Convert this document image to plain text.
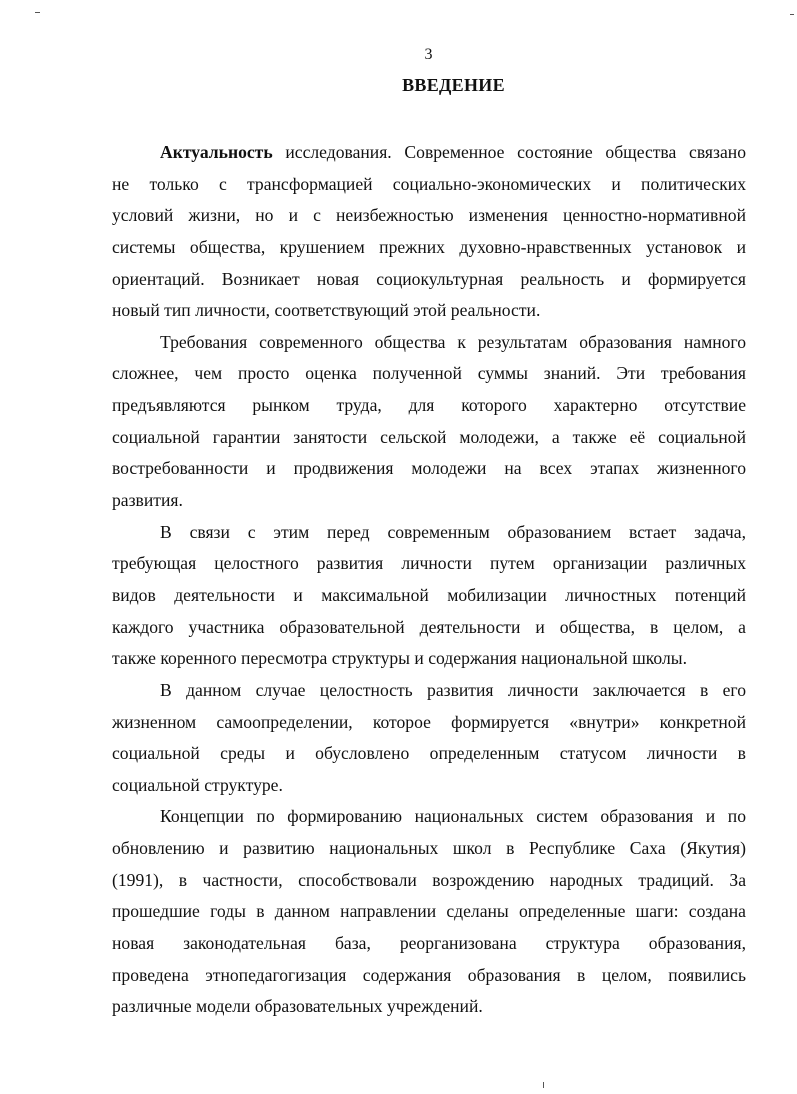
3
ВВЕДЕНИЕ
Актуальность исследования. Современное состояние общества связано
не только с трансформацией социально-экономических и политических
условий жизни, но и с неизбежностью изменения ценностно-нормативной
системы общества, крушением прежних духовно-нравственных установок и
ориентаций. Возникает новая социокультурная реальность и формируется
новый тип личности, соответствующий этой реальности.
Требования современного общества к результатам образования намного
сложнее, чем просто оценка полученной суммы знаний. Эти требования
предъявляются рынком труда, для которого характерно отсутствие
социальной гарантии занятости сельской молодежи, а также её социальной
востребованности и продвижения молодежи на всех этапах жизненного
развития.
В связи с этим перед современным образованием встает задача,
требующая целостного развития личности путем организации различных
видов деятельности и максимальной мобилизации личностных потенций
каждого участника образовательной деятельности и общества, в целом, а
также коренного пересмотра структуры и содержания национальной школы.
В данном случае целостность развития личности заключается в его
жизненном самоопределении, которое формируется «внутри» конкретной
социальной среды и обусловлено определенным статусом личности в
социальной структуре.
Концепции по формированию национальных систем образования и по
обновлению и развитию национальных школ в Республике Саха (Якутия)
(1991), в частности, способствовали возрождению народных традиций. За
прошедшие годы в данном направлении сделаны определенные шаги: создана
новая законодательная база, реорганизована структура образования,
проведена этнопедагогизация содержания образования в целом, появились
различные модели образовательных учреждений.
